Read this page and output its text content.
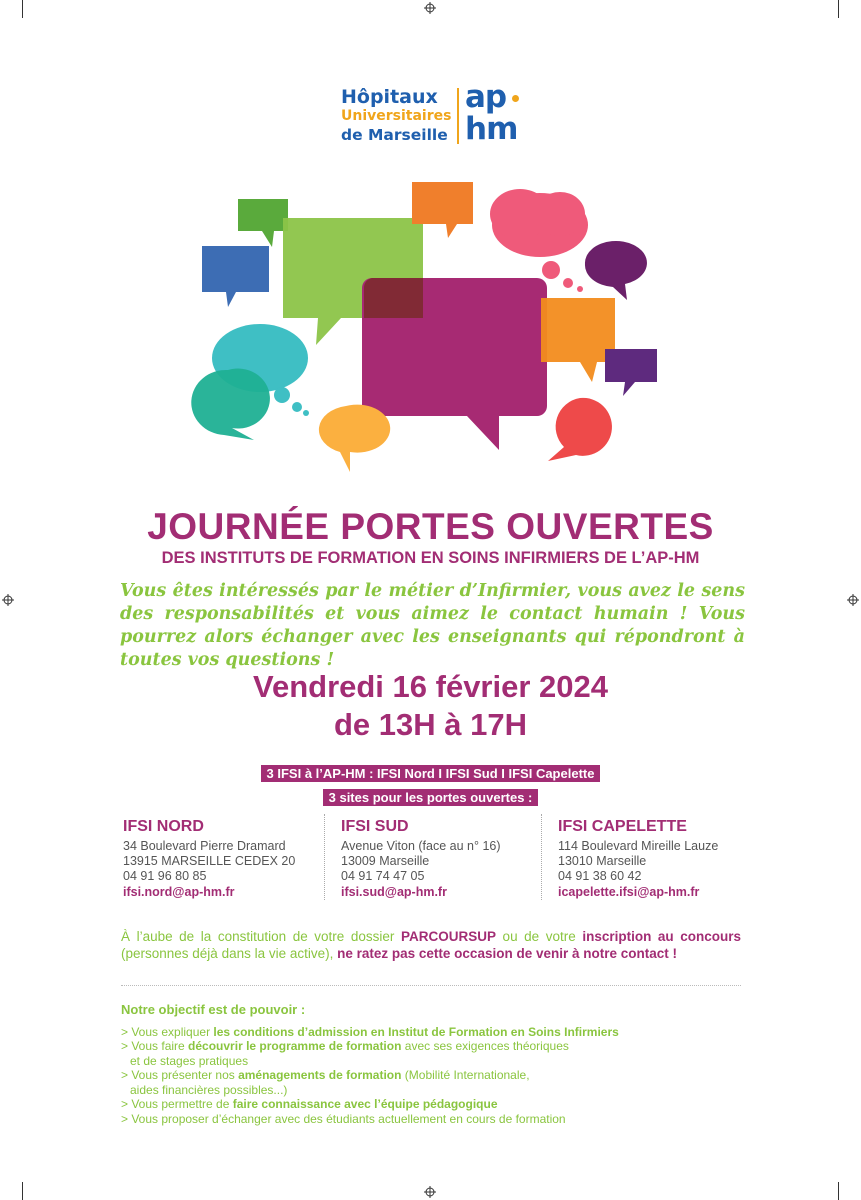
Hôpitaux
Universitaires
de Marseille
ap
hm
JOURNÉE PORTES OUVERTES
DES INSTITUTS DE FORMATION EN SOINS INFIRMIERS DE L’AP-HM
Vous êtes intéressés par le métier d’Infirmier, vous avez le sens des responsabilités et vous aimez le contact humain ! Vous pourrez alors échanger avec les enseignants qui répondront à toutes vos questions !
Vendredi 16 février 2024
de 13H à 17H
3 IFSI à l’AP-HM : IFSI Nord I IFSI Sud I IFSI Capelette
3 sites pour les portes ouvertes :
IFSI NORD
34 Boulevard Pierre Dramard
13915 MARSEILLE CEDEX 20
04 91 96 80 85
ifsi.nord@ap-hm.fr
IFSI SUD
Avenue Viton (face au n° 16)
13009 Marseille
04 91 74 47 05
ifsi.sud@ap-hm.fr
IFSI CAPELETTE
114 Boulevard Mireille Lauze
13010 Marseille
04 91 38 60 42
icapelette.ifsi@ap-hm.fr
À l’aube de la constitution de votre dossier PARCOURSUP ou de votre inscription au concours (personnes déjà dans la vie active), ne ratez pas cette occasion de venir à notre contact !
Notre objectif est de pouvoir :
> Vous expliquer les conditions d’admission en Institut de Formation en Soins Infirmiers
> Vous faire découvrir le programme de formation avec ses exigences théoriques
et de stages pratiques
> Vous présenter nos aménagements de formation (Mobilité Internationale,
aides financières possibles...)
> Vous permettre de faire connaissance avec l’équipe pédagogique
> Vous proposer d’échanger avec des étudiants actuellement en cours de formation
